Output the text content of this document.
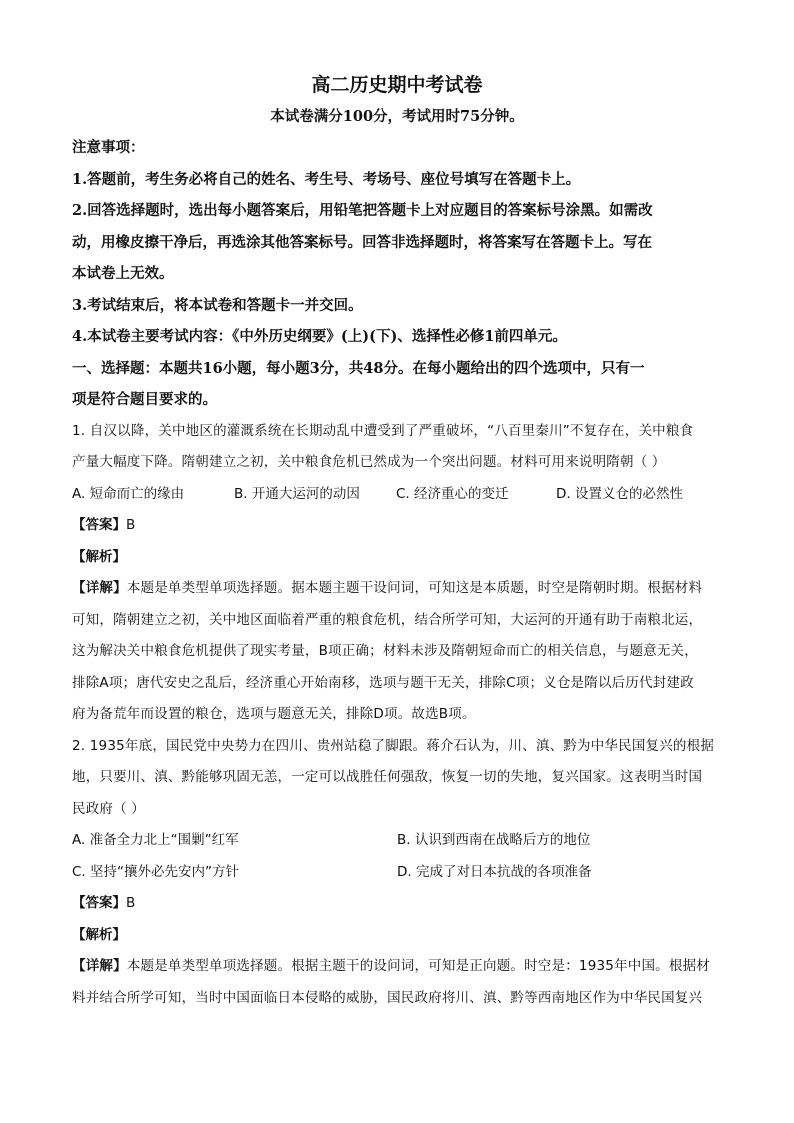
高二历史期中考试卷
本试卷满分100分，考试用时75分钟。
注意事项：
1.答题前，考生务必将自己的姓名、考生号、考场号、座位号填写在答题卡上。
2.回答选择题时，选出每小题答案后，用铅笔把答题卡上对应题目的答案标号涂黑。如需改
动，用橡皮擦干净后，再选涂其他答案标号。回答非选择题时，将答案写在答题卡上。写在
本试卷上无效。
3.考试结束后，将本试卷和答题卡一并交回。
4.本试卷主要考试内容：《中外历史纲要》(上)(下)、选择性必修1前四单元。
一、选择题：本题共16小题，每小题3分，共48分。在每小题给出的四个选项中，只有一
项是符合题目要求的。
1. 自汉以降，关中地区的灌溉系统在长期动乱中遭受到了严重破坏，“八百里秦川”不复存在，关中粮食
产量大幅度下降。隋朝建立之初，关中粮食危机已然成为一个突出问题。材料可用来说明隋朝（ ）
A. 短命而亡的缘由	B. 开通大运河的动因	C. 经济重心的变迁	D. 设置义仓的必然性
【答案】B
【解析】
【详解】本题是单类型单项选择题。据本题主题干设问词，可知这是本质题，时空是隋朝时期。根据材料
可知，隋朝建立之初，关中地区面临着严重的粮食危机，结合所学可知，大运河的开通有助于南粮北运，
这为解决关中粮食危机提供了现实考量，B项正确；材料未涉及隋朝短命而亡的相关信息，与题意无关，
排除A项；唐代安史之乱后，经济重心开始南移，选项与题干无关，排除C项；义仓是隋以后历代封建政
府为备荒年而设置的粮仓，选项与题意无关，排除D项。故选B项。
2. 1935年底，国民党中央势力在四川、贵州站稳了脚跟。蒋介石认为，川、滇、黔为中华民国复兴的根据
地，只要川、滇、黔能够巩固无恙，一定可以战胜任何强敌，恢复一切的失地，复兴国家。这表明当时国
民政府（ ）
A. 准备全力北上“围剿”红军	B. 认识到西南在战略后方的地位
C. 坚持“攘外必先安内”方针	D. 完成了对日本抗战的各项准备
【答案】B
【解析】
【详解】本题是单类型单项选择题。根据主题干的设问词，可知是正向题。时空是：1935年中国。根据材
料并结合所学可知，当时中国面临日本侵略的威胁，国民政府将川、滇、黔等西南地区作为中华民国复兴
